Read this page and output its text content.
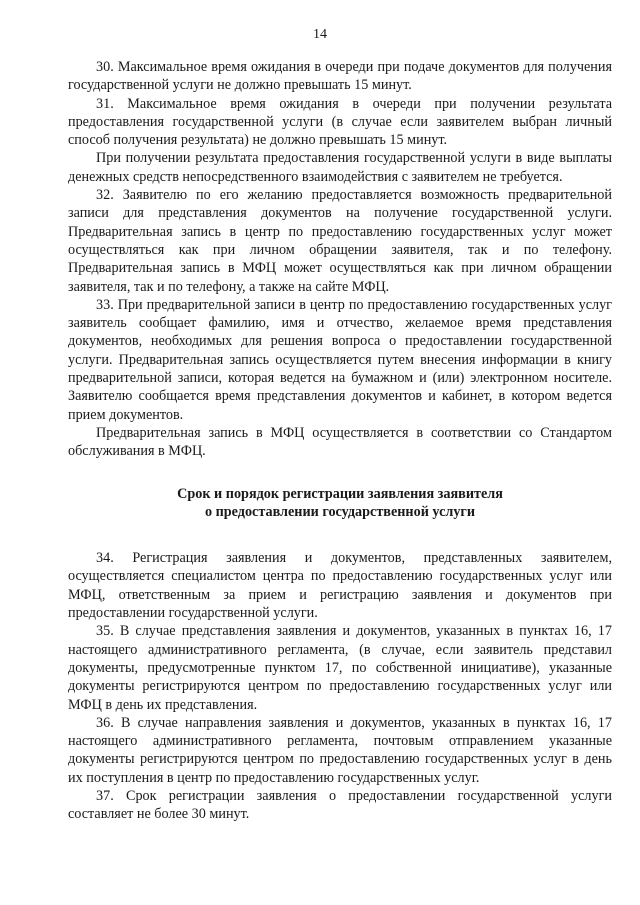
14

30. Максимальное время ожидания в очереди при подаче документов для получения государственной услуги не должно превышать 15 минут.

31. Максимальное время ожидания в очереди при получении результата предоставления государственной услуги (в случае если заявителем выбран личный способ получения результата) не должно превышать 15 минут.

При получении результата предоставления государственной услуги в виде выплаты денежных средств непосредственного взаимодействия с заявителем не требуется.

32. Заявителю по его желанию предоставляется возможность предварительной записи для представления документов на получение государственной услуги. Предварительная запись в центр по предоставлению государственных услуг может осуществляться как при личном обращении заявителя, так и по телефону. Предварительная запись в МФЦ может осуществляться как при личном обращении заявителя, так и по телефону, а также на сайте МФЦ.

33. При предварительной записи в центр по предоставлению государственных услуг заявитель сообщает фамилию, имя и отчество, желаемое время представления документов, необходимых для решения вопроса о предоставлении государственной услуги. Предварительная запись осуществляется путем внесения информации в книгу предварительной записи, которая ведется на бумажном и (или) электронном носителе. Заявителю сообщается время представления документов и кабинет, в котором ведется прием документов.

Предварительная запись в МФЦ осуществляется в соответствии со Стандартом обслуживания в МФЦ.

Срок и порядок регистрации заявления заявителя
о предоставлении государственной услуги

34. Регистрация заявления и документов, представленных заявителем, осуществляется специалистом центра по предоставлению государственных услуг или МФЦ, ответственным за прием и регистрацию заявления и документов при предоставлении государственной услуги.

35. В случае представления заявления и документов, указанных в пунктах 16, 17 настоящего административного регламента, (в случае, если заявитель представил документы, предусмотренные пунктом 17, по собственной инициативе), указанные документы регистрируются центром по предоставлению государственных услуг или МФЦ в день их представления.

36. В случае направления заявления и документов, указанных в пунктах 16, 17 настоящего административного регламента, почтовым отправлением указанные документы регистрируются центром по предоставлению государственных услуг в день их поступления в центр по предоставлению государственных услуг.

37. Срок регистрации заявления о предоставлении государственной услуги составляет не более 30 минут.
